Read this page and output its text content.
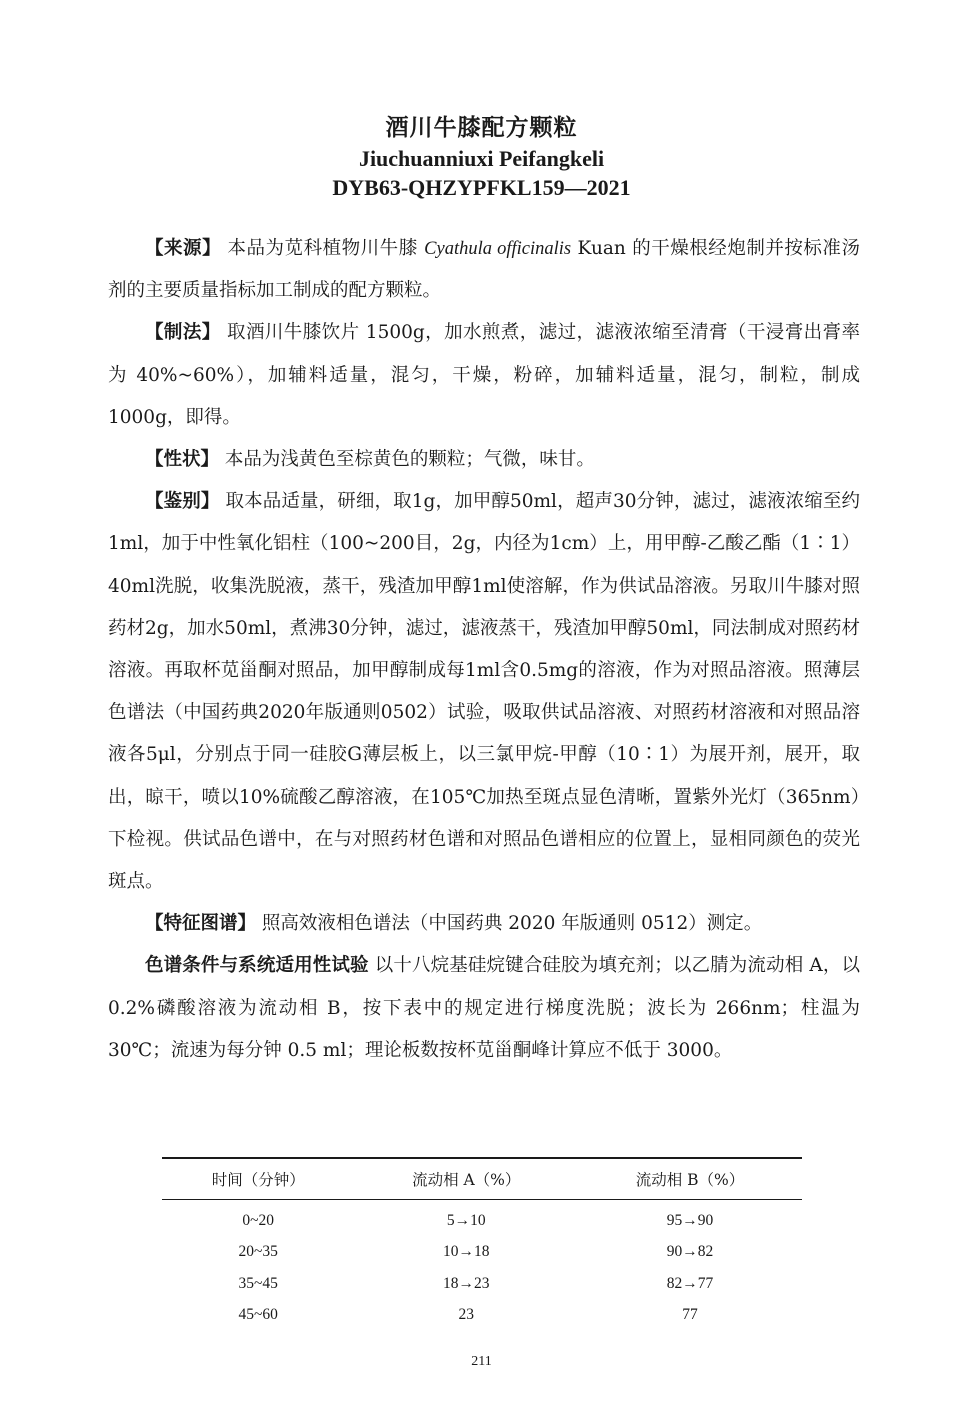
酒川牛膝配方颗粒
Jiuchuanniuxi Peifangkeli
DYB63-QHZYPFKL159—2021

【来源】 本品为苋科植物川牛膝 Cyathula officinalis Kuan 的干燥根经炮制并按标准汤剂的主要质量指标加工制成的配方颗粒。

【制法】 取酒川牛膝饮片 1500g，加水煎煮，滤过，滤液浓缩至清膏（干浸膏出膏率为 40%~60%），加辅料适量，混匀，干燥，粉碎，加辅料适量，混匀，制粒，制成 1000g，即得。

【性状】 本品为浅黄色至棕黄色的颗粒；气微，味甘。

【鉴别】 取本品适量，研细，取1g，加甲醇50ml，超声30分钟，滤过，滤液浓缩至约1ml，加于中性氧化铝柱（100~200目，2g，内径为1cm）上，用甲醇-乙酸乙酯（1∶1）40ml洗脱，收集洗脱液，蒸干，残渣加甲醇1ml使溶解，作为供试品溶液。另取川牛膝对照药材2g，加水50ml，煮沸30分钟，滤过，滤液蒸干，残渣加甲醇50ml，同法制成对照药材溶液。再取杯苋甾酮对照品，加甲醇制成每1ml含0.5mg的溶液，作为对照品溶液。照薄层色谱法（中国药典2020年版通则0502）试验，吸取供试品溶液、对照药材溶液和对照品溶液各5μl，分别点于同一硅胶G薄层板上，以三氯甲烷-甲醇（10∶1）为展开剂，展开，取出，晾干，喷以10%硫酸乙醇溶液，在105℃加热至斑点显色清晰，置紫外光灯（365nm）下检视。供试品色谱中，在与对照药材色谱和对照品色谱相应的位置上，显相同颜色的荧光斑点。

【特征图谱】 照高效液相色谱法（中国药典 2020 年版通则 0512）测定。

色谱条件与系统适用性试验 以十八烷基硅烷键合硅胶为填充剂；以乙腈为流动相 A，以 0.2%磷酸溶液为流动相 B，按下表中的规定进行梯度洗脱；波长为 266nm；柱温为 30℃；流速为每分钟 0.5 ml；理论板数按杯苋甾酮峰计算应不低于 3000。

时间（分钟）	流动相 A（%）	流动相 B（%）
0~20	5→10	95→90
20~35	10→18	90→82
35~45	18→23	82→77
45~60	23	77
211
